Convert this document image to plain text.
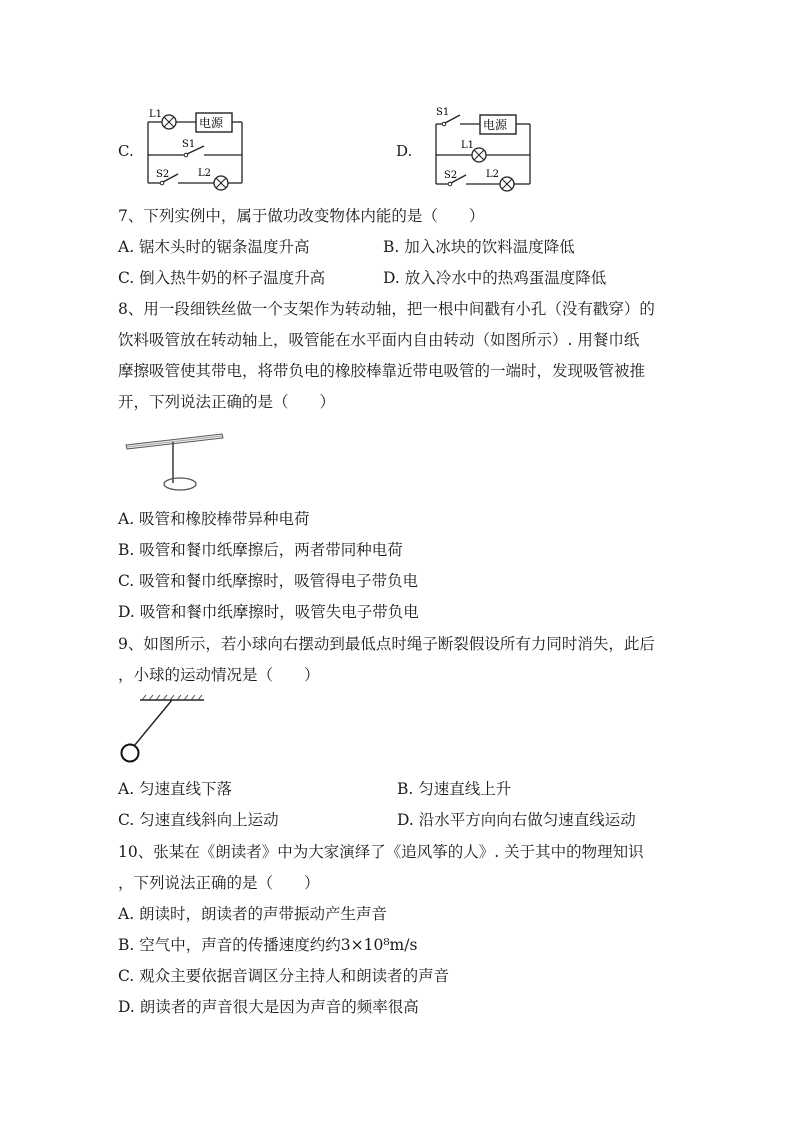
C.
L1
电源
S1
S2	L2
D.
S1
电源
L1
S2	L2
7、下列实例中，属于做功改变物体内能的是（　　）
A. 锯木头时的锯条温度升高	B. 加入冰块的饮料温度降低
C. 倒入热牛奶的杯子温度升高	D. 放入冷水中的热鸡蛋温度降低
8、用一段细铁丝做一个支架作为转动轴，把一根中间戳有小孔（没有戳穿）的
饮料吸管放在转动轴上，吸管能在水平面内自由转动（如图所示）. 用餐巾纸
摩擦吸管使其带电，将带负电的橡胶棒靠近带电吸管的一端时，发现吸管被推
开，下列说法正确的是（　　）
A. 吸管和橡胶棒带异种电荷
B. 吸管和餐巾纸摩擦后，两者带同种电荷
C. 吸管和餐巾纸摩擦时，吸管得电子带负电
D. 吸管和餐巾纸摩擦时，吸管失电子带负电
9、如图所示，若小球向右摆动到最低点时绳子断裂假设所有力同时消失，此后
，小球的运动情况是（　　）
A. 匀速直线下落	B. 匀速直线上升
C. 匀速直线斜向上运动	D. 沿水平方向向右做匀速直线运动
10、张某在《朗读者》中为大家演绎了《追风筝的人》. 关于其中的物理知识
，下列说法正确的是（　　）
A. 朗读时，朗读者的声带振动产生声音
B. 空气中，声音的传播速度约约3×10⁸m/s
C. 观众主要依据音调区分主持人和朗读者的声音
D. 朗读者的声音很大是因为声音的频率很高
